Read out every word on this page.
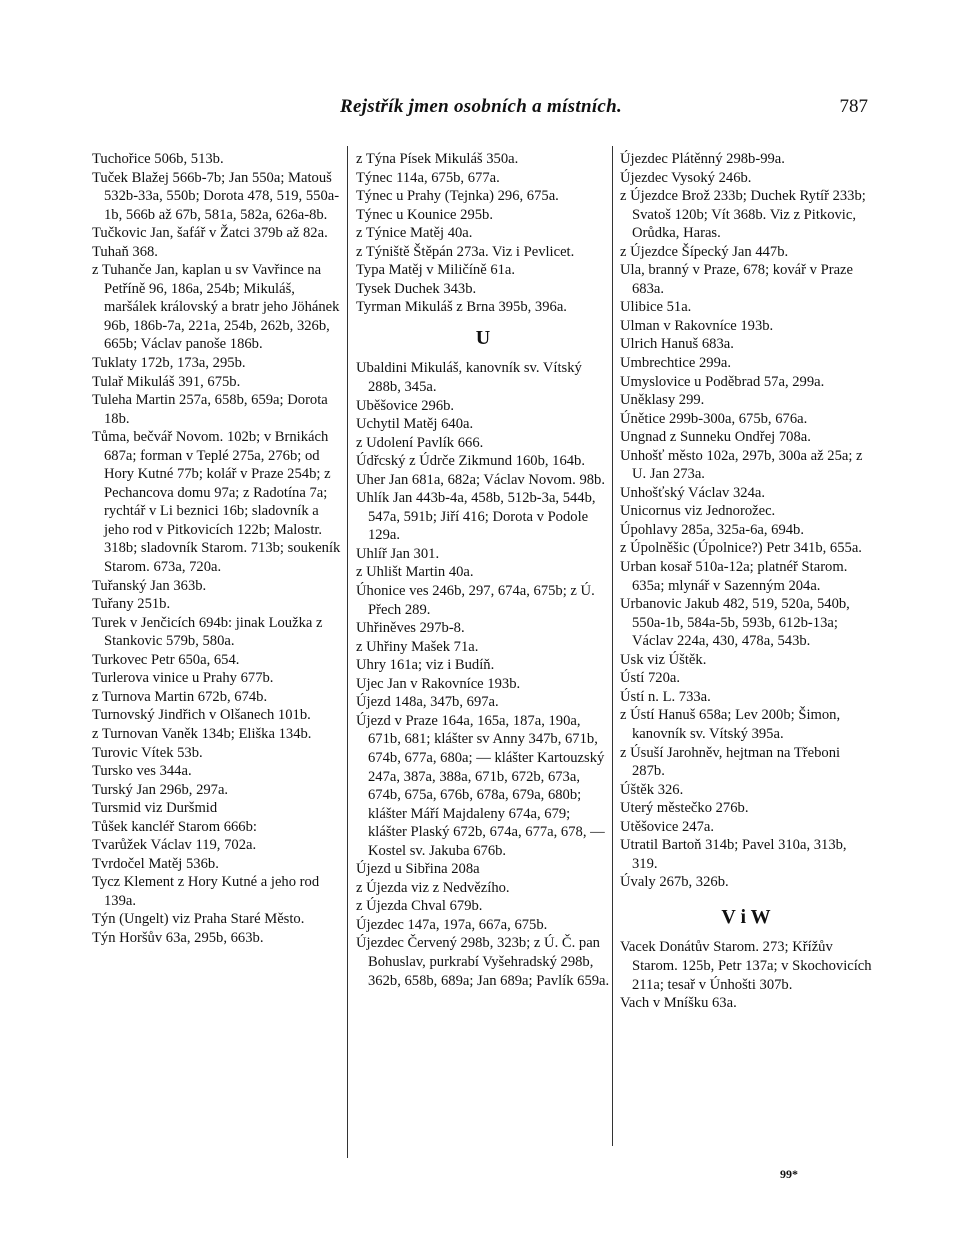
Rejstřík jmen osobních a místních.	787

Tuchořice 506b, 513b.

Tuček Blažej 566b-7b; Jan 550a; Matouš 532b-33a, 550b; Dorota 478, 519, 550a-1b, 566b až 67b, 581a, 582a, 626a-8b.

Tučkovic Jan, šafář v Žatci 379b až 82a.

Tuhaň 368.

z Tuhanče Jan, kaplan u sv Vavřince na Petříně 96, 186a, 254b; Mikuláš, maršálek královský a bratr jeho Jöhánek 96b, 186b-7a, 221a, 254b, 262b, 326b, 665b; Václav panoše 186b.

Tuklaty 172b, 173a, 295b.

Tulař Mikuláš 391, 675b.

Tuleha Martin 257a, 658b, 659a; Dorota 18b.

Tůma, bečvář Novom. 102b; v Brnikách 687a; forman v Teplé 275a, 276b; od Hory Kutné 77b; kolář v Praze 254b; z Pechancova domu 97a; z Radotína 7a; rychtář v Li beznici 16b; sladovník a jeho rod v Pitkovicích 122b; Malostr. 318b; sladovník Starom. 713b; soukeník Starom. 673a, 720a.

Tuřanský Jan 363b.

Tuřany 251b.

Turek v Jenčicích 694b: jinak Loužka z Stankovic 579b, 580a.

Turkovec Petr 650a, 654.

Turlerova vinice u Prahy 677b.

z Turnova Martin 672b, 674b.

Turnovský Jindřich v Olšanech 101b.

z Turnovan Vaněk 134b; Eliška 134b.

Turovic Vítek 53b.

Tursko ves 344a.

Turský Jan 296b, 297a.

Tursmid viz Duršmid

Tůšek kancléř Starom 666b:

Tvarůžek Václav 119, 702a.

Tvrdočel Matěj 536b.

Tycz Klement z Hory Kutné a jeho rod 139a.

Týn (Ungelt) viz Praha Staré Město.

Týn Horšův 63a, 295b, 663b.

z Týna Písek Mikuláš 350a.

Týnec 114a, 675b, 677a.

Týnec u Prahy (Tejnka) 296, 675a.

Týnec u Kounice 295b.

z Týnice Matěj 40a.

z Týniště Štěpán 273a. Viz i Pevlicet.

Typa Matěj v Miličíně 61a.

Tysek Duchek 343b.

Tyrman Mikuláš z Brna 395b, 396a.

U

Ubaldini Mikuláš, kanovník sv. Vítský 288b, 345a.

Uběšovice 296b.

Uchytil Matěj 640a.

z Udolení Pavlík 666.

Údřcský z Údrče Zikmund 160b, 164b.

Uher Jan 681a, 682a; Václav Novom. 98b.

Uhlík Jan 443b-4a, 458b, 512b-3a, 544b, 547a, 591b; Jiří 416; Dorota v Podole 129a.

Uhlíř Jan 301.

z Uhlišt Martin 40a.

Úhonice ves 246b, 297, 674a, 675b; z Ú. Přech 289.

Uhřiněves 297b-8.

z Uhřiny Mašek 71a.

Uhry 161a; viz i Budíň.

Ujec Jan v Rakovníce 193b.

Újezd 148a, 347b, 697a.

Újezd v Praze 164a, 165a, 187a, 190a, 671b, 681; klášter sv Anny 347b, 671b, 674b, 677a, 680a; — klášter Kartouzský 247a, 387a, 388a, 671b, 672b, 673a, 674b, 675a, 676b, 678a, 679a, 680b; klášter Máří Majdaleny 674a, 679; klášter Plaský 672b, 674a, 677a, 678, — Kostel sv. Jakuba 676b.

Újezd u Sibřina 208a

z Újezda viz z Nedvězího.

z Újezda Chval 679b.

Újezdec 147a, 197a, 667a, 675b.

Újezdec Červený 298b, 323b; z Ú. Č. pan Bohuslav, purkrabí Vyšehradský 298b, 362b, 658b, 689a; Jan 689a; Pavlík 659a.

Újezdec Plátěnný 298b-99a.

Újezdec Vysoký 246b.

z Újezdce Brož 233b; Duchek Rytíř 233b; Svatoš 120b; Vít 368b. Viz z Pitkovic, Orůdka, Haras.

z Újezdce Šípecký Jan 447b.

Ula, branný v Praze, 678; kovář v Praze 683a.

Ulibice 51a.

Ulman v Rakovníce 193b.

Ulrich Hanuš 683a.

Umbrechtice 299a.

Umyslovice u Poděbrad 57a, 299a.

Uněklasy 299.

Únětice 299b-300a, 675b, 676a.

Ungnad z Sunneku Ondřej 708a.

Unhošť město 102a, 297b, 300a až 25a; z U. Jan 273a.

Unhošťský Václav 324a.

Unicornus viz Jednorožec.

Úpohlavy 285a, 325a-6a, 694b.

z Úpolněšic (Úpolnice?) Petr 341b, 655a.

Urban kosař 510a-12a; platnéř Starom. 635a; mlynář v Sazenným 204a.

Urbanovic Jakub 482, 519, 520a, 540b, 550a-1b, 584a-5b, 593b, 612b-13a; Václav 224a, 430, 478a, 543b.

Usk viz Úštěk.

Ústí 720a.

Ústí n. L. 733a.

z Ústí Hanuš 658a; Lev 200b; Šimon, kanovník sv. Vítský 395a.

z Úsuší Jarohněv, hejtman na Třeboni 287b.

Úštěk 326.

Uterý městečko 276b.

Utěšovice 247a.

Utratil Bartoň 314b; Pavel 310a, 313b, 319.

Úvaly 267b, 326b.

V i W

Vacek Donátův Starom. 273; Křížův Starom. 125b, Petr 137a; v Skochovicích 211a; tesař v Únhošti 307b.

Vach v Mníšku 63a.

99*
